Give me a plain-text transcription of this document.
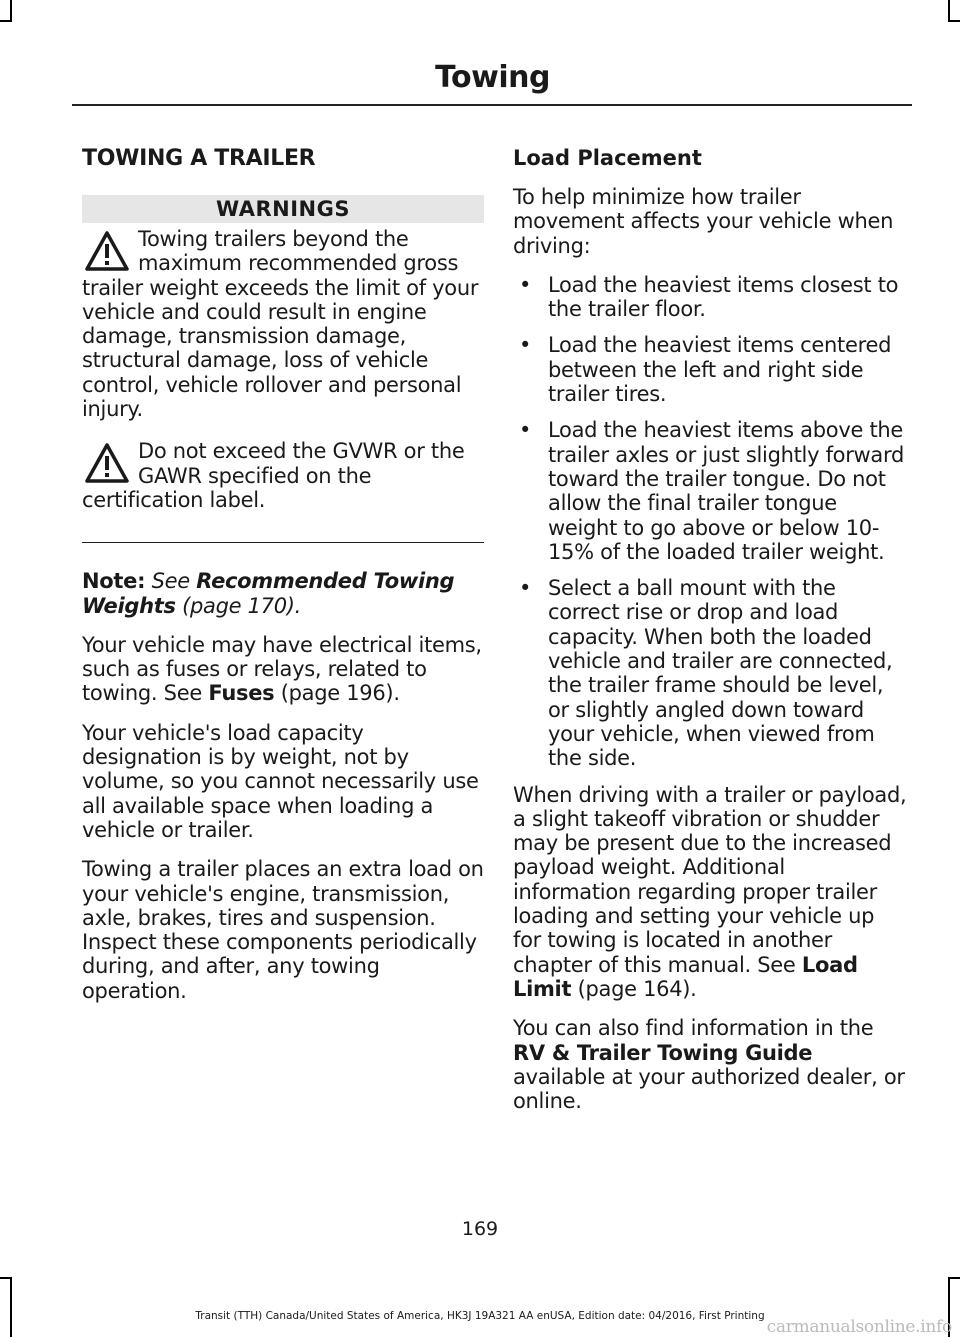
Towing
TOWING A TRAILER
WARNINGS
Towing trailers beyond the maximum recommended gross trailer weight exceeds the limit of your vehicle and could result in engine damage, transmission damage, structural damage, loss of vehicle control, vehicle rollover and personal injury.
Do not exceed the GVWR or the GAWR specified on the certification label.

Note: See Recommended Towing Weights (page 170).

Your vehicle may have electrical items, such as fuses or relays, related to towing. See Fuses (page 196).

Your vehicle's load capacity designation is by weight, not by volume, so you cannot necessarily use all available space when loading a vehicle or trailer.

Towing a trailer places an extra load on your vehicle's engine, transmission, axle, brakes, tires and suspension. Inspect these components periodically during, and after, any towing operation.

Load Placement

To help minimize how trailer movement affects your vehicle when driving:

• Load the heaviest items closest to the trailer floor.
• Load the heaviest items centered between the left and right side trailer tires.
• Load the heaviest items above the trailer axles or just slightly forward toward the trailer tongue. Do not allow the final trailer tongue weight to go above or below 10-15% of the loaded trailer weight.
• Select a ball mount with the correct rise or drop and load capacity. When both the loaded vehicle and trailer are connected, the trailer frame should be level, or slightly angled down toward your vehicle, when viewed from the side.

When driving with a trailer or payload, a slight takeoff vibration or shudder may be present due to the increased payload weight. Additional information regarding proper trailer loading and setting your vehicle up for towing is located in another chapter of this manual. See Load Limit (page 164).

You can also find information in the RV & Trailer Towing Guide available at your authorized dealer, or online.

169
Transit (TTH) Canada/United States of America, HK3J 19A321 AA enUSA, Edition date: 04/2016, First Printing
carmanualsonline.info
